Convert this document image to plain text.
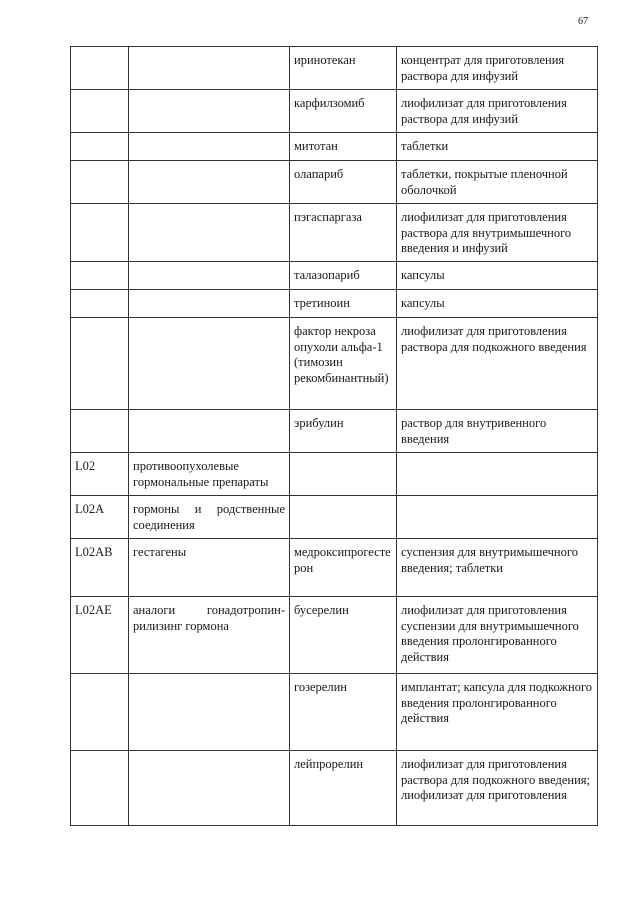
67
		иринотекан	концентрат для приготовления раствора для инфузий
		карфилзомиб	лиофилизат для приготовления раствора для инфузий
		митотан	таблетки
		олапариб	таблетки, покрытые пленочной оболочкой
		пэгаспаргаза	лиофилизат для приготовления раствора для внутримышечного введения и инфузий
		талазопариб	капсулы
		третиноин	капсулы
		фактор некроза опухоли альфа-1 (тимозин рекомбинантный)	лиофилизат для приготовления раствора для подкожного введения
		эрибулин	раствор для внутривенного введения
L02	противоопухолевые гормональные препараты		
L02A	гормоны и родственные соединения		
L02AB	гестагены	медроксипрогестерон	суспензия для внутримышечного введения; таблетки
L02AE	аналоги гонадотропин-рилизинг гормона	бусерелин	лиофилизат для приготовления суспензии для внутримышечного введения пролонгированного действия
		гозерелин	имплантат; капсула для подкожного введения пролонгированного действия
		лейпрорелин	лиофилизат для приготовления раствора для подкожного введения; лиофилизат для приготовления
